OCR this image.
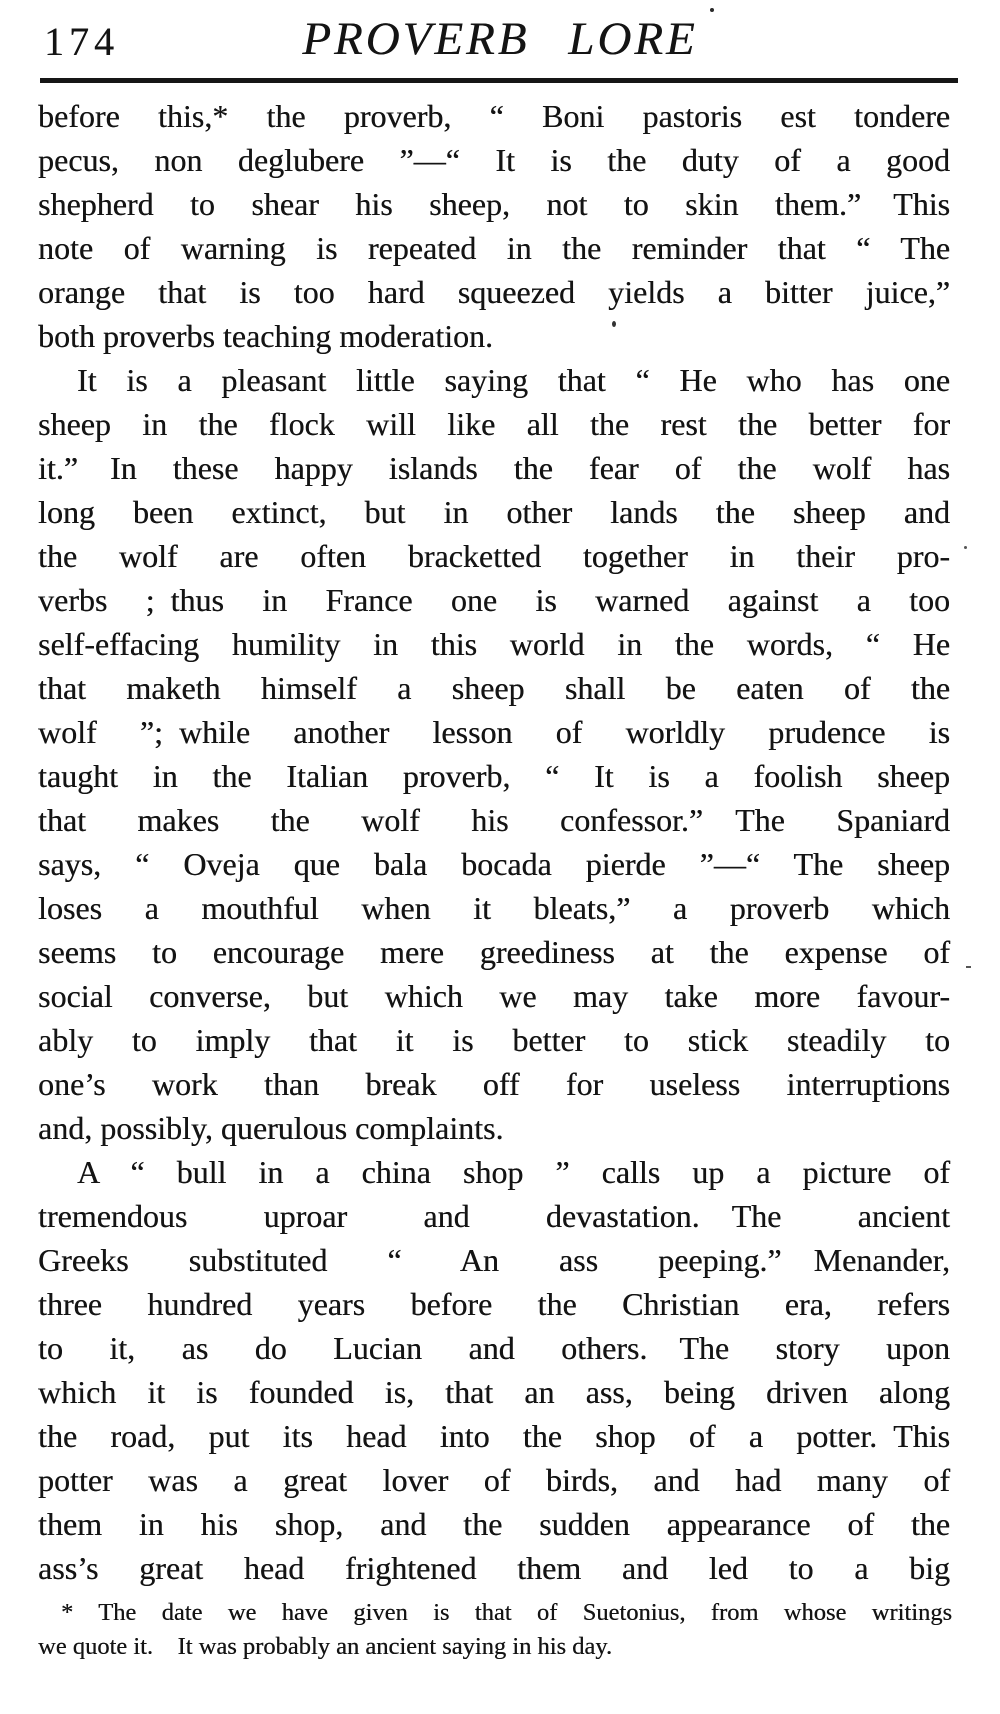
174	PROVERB LORE
before this,* the proverb, “ Boni pastoris est tondere
pecus, non deglubere ”—“ It is the duty of a good
shepherd to shear his sheep, not to skin them.” This
note of warning is repeated in the reminder that “ The
orange that is too hard squeezed yields a bitter juice,”
both proverbs teaching moderation.
It is a pleasant little saying that “ He who has one
sheep in the flock will like all the rest the better for
it.” In these happy islands the fear of the wolf has
long been extinct, but in other lands the sheep and
the wolf are often bracketted together in their pro-
verbs ; thus in France one is warned against a too
self-effacing humility in this world in the words, “ He
that maketh himself a sheep shall be eaten of the
wolf ”; while another lesson of worldly prudence is
taught in the Italian proverb, “ It is a foolish sheep
that makes the wolf his confessor.” The Spaniard
says, “ Oveja que bala bocada pierde ”—“ The sheep
loses a mouthful when it bleats,” a proverb which
seems to encourage mere greediness at the expense of
social converse, but which we may take more favour-
ably to imply that it is better to stick steadily to
one’s work than break off for useless interruptions
and, possibly, querulous complaints.
A “ bull in a china shop ” calls up a picture of
tremendous uproar and devastation. The ancient
Greeks substituted “ An ass peeping.” Menander,
three hundred years before the Christian era, refers
to it, as do Lucian and others. The story upon
which it is founded is, that an ass, being driven along
the road, put its head into the shop of a potter. This
potter was a great lover of birds, and had many of
them in his shop, and the sudden appearance of the
ass’s great head frightened them and led to a big
* The date we have given is that of Suetonius, from whose writings
we quote it. It was probably an ancient saying in his day.
